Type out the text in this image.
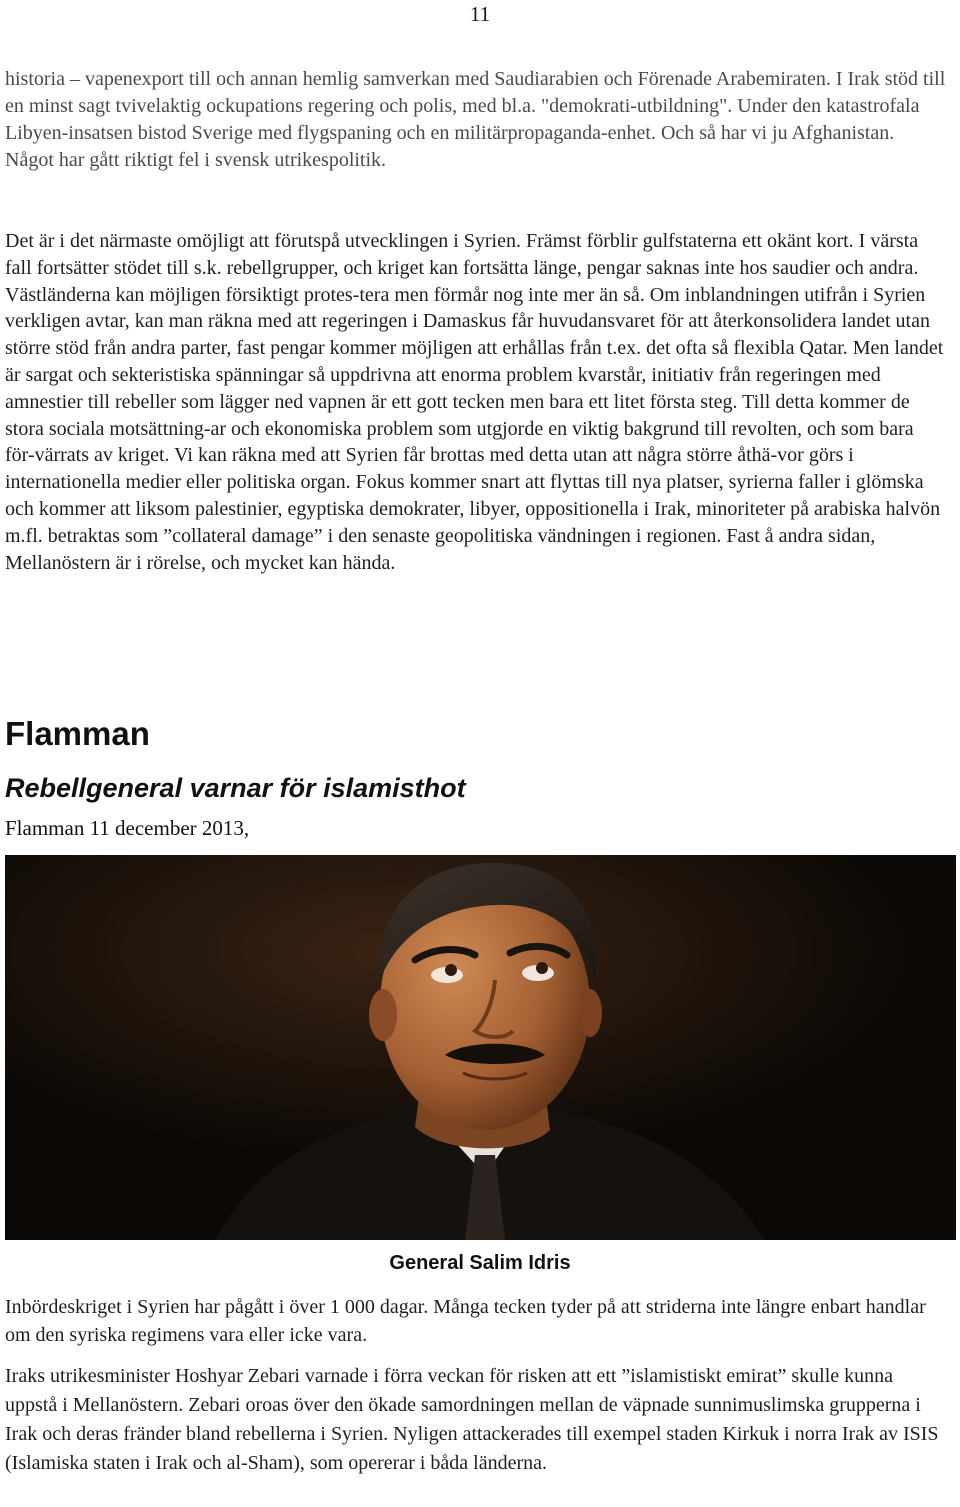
11

historia – vapenexport till och annan hemlig samverkan med Saudiarabien och Förenade Arabemiraten. I Irak stöd till en minst sagt tvivelaktig ockupations regering och polis, med bl.a. "demokrati-utbildning". Under den katastrofala Libyen-insatsen bistod Sverige med flygspaning och en militärpropaganda-enhet. Och så har vi ju Afghanistan. Något har gått riktigt fel i svensk utrikespolitik.

Det är i det närmaste omöjligt att förutspå utvecklingen i Syrien. Främst förblir gulfstaterna ett okänt kort. I värsta fall fortsätter stödet till s.k. rebellgrupper, och kriget kan fortsätta länge, pengar saknas inte hos saudier och andra. Västländerna kan möjligen försiktigt protes-tera men förmår nog inte mer än så. Om inblandningen utifrån i Syrien verkligen avtar, kan man räkna med att regeringen i Damaskus får huvudansvaret för att återkonsolidera landet utan större stöd från andra parter, fast pengar kommer möjligen att erhållas från t.ex. det ofta så flexibla Qatar. Men landet är sargat och sekteristiska spänningar så uppdrivna att enorma problem kvarstår, initiativ från regeringen med amnestier till rebeller som lägger ned vapnen är ett gott tecken men bara ett litet första steg. Till detta kommer de stora sociala motsättning-ar och ekonomiska problem som utgjorde en viktig bakgrund till revolten, och som bara för-värrats av kriget. Vi kan räkna med att Syrien får brottas med detta utan att några större åthä-vor görs i internationella medier eller politiska organ. Fokus kommer snart att flyttas till nya platser, syrierna faller i glömska och kommer att liksom palestinier, egyptiska demokrater, libyer, oppositionella i Irak, minoriteter på arabiska halvön m.fl. betraktas som ”collateral damage” i den senaste geopolitiska vändningen i regionen. Fast å andra sidan, Mellanöstern är i rörelse, och mycket kan hända.

Flamman
Rebellgeneral varnar för islamisthot

Flamman 11 december 2013,

General Salim Idris

Inbördeskriget i Syrien har pågått i över 1 000 dagar. Många tecken tyder på att striderna inte längre enbart handlar om den syriska regimens vara eller icke vara.

Iraks utrikesminister Hoshyar Zebari varnade i förra veckan för risken att ett ”islamistiskt emirat” skulle kunna uppstå i Mellanöstern. Zebari oroas över den ökade samordningen mellan de väpnade sunnimuslimska grupperna i Irak och deras fränder bland rebellerna i Syrien. Nyligen attackerades till exempel staden Kirkuk i norra Irak av ISIS (Islamiska staten i Irak och al-Sham), som opererar i båda länderna.
